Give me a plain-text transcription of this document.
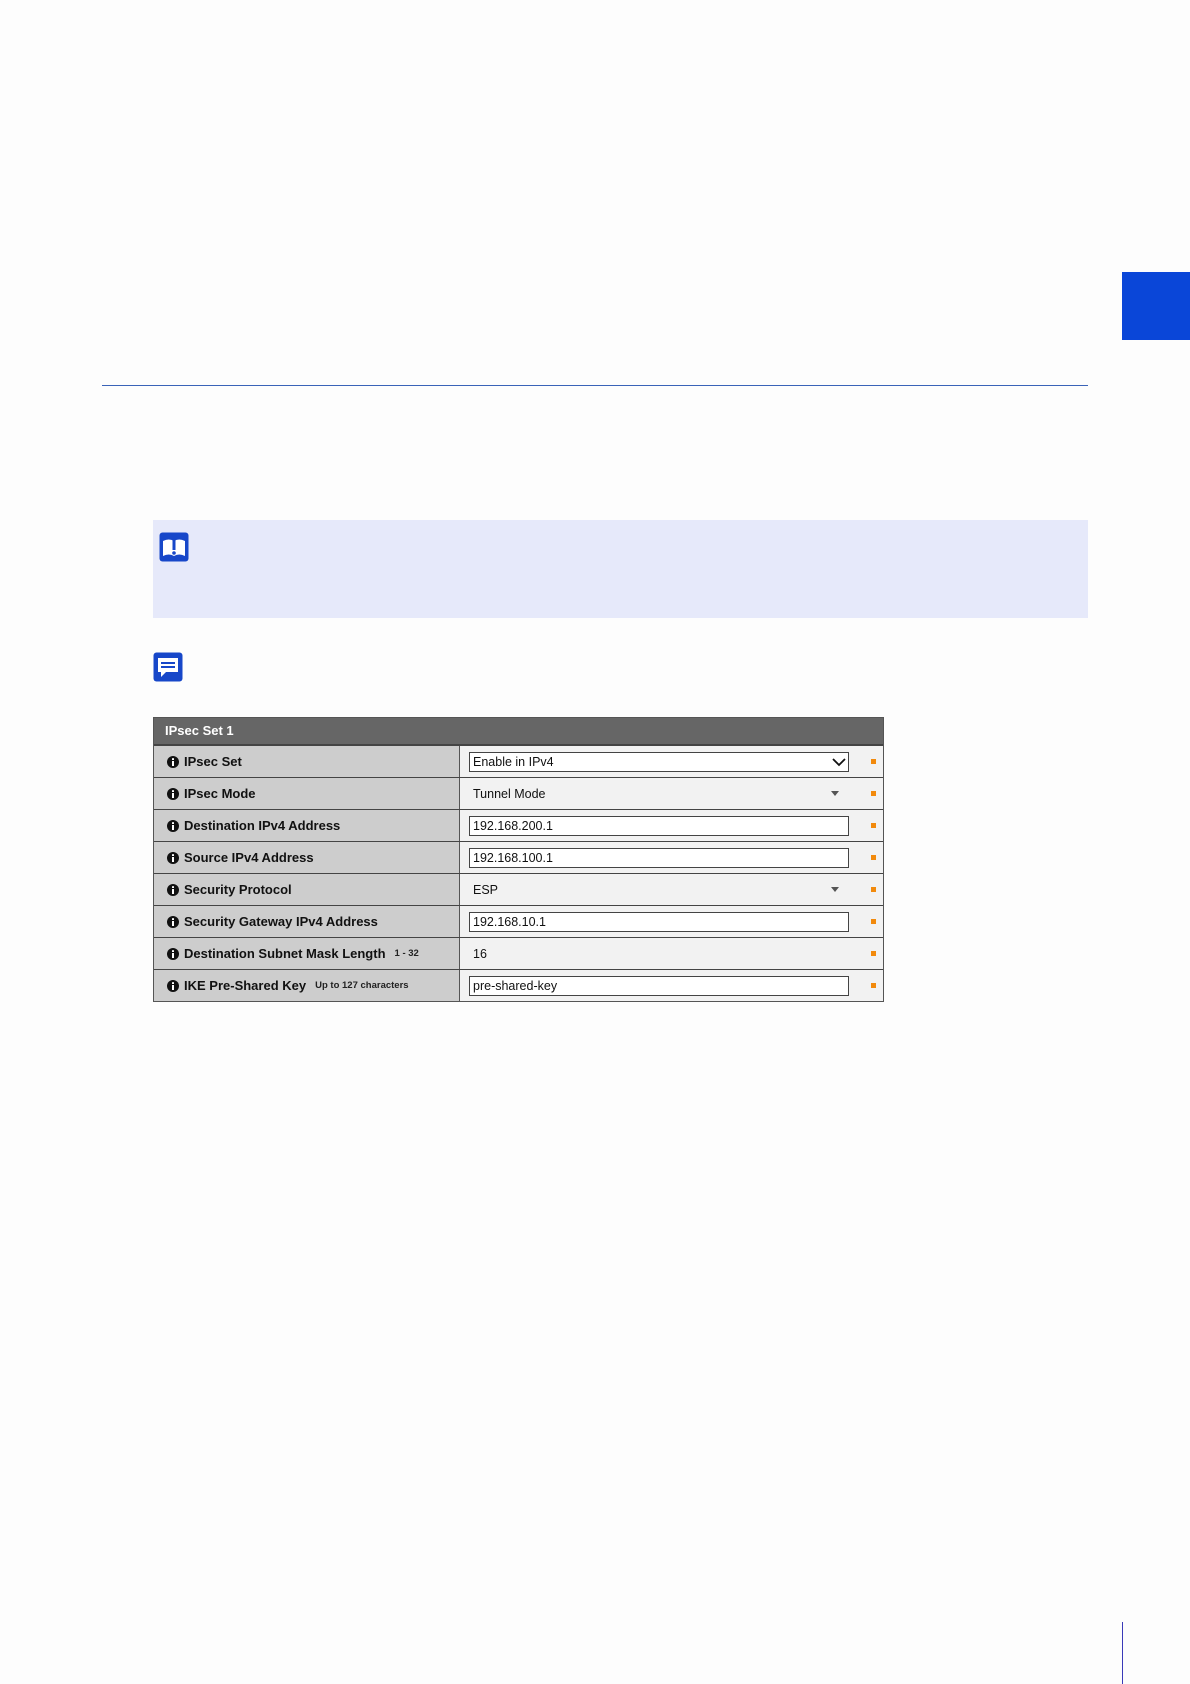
IPsec Set 1
IPsec Set	Enable in IPv4
IPsec Mode	Tunnel Mode
Destination IPv4 Address	192.168.200.1
Source IPv4 Address	192.168.100.1
Security Protocol	ESP
Security Gateway IPv4 Address	192.168.10.1
Destination Subnet Mask Length 1 - 32	16
IKE Pre-Shared Key Up to 127 characters	pre-shared-key
